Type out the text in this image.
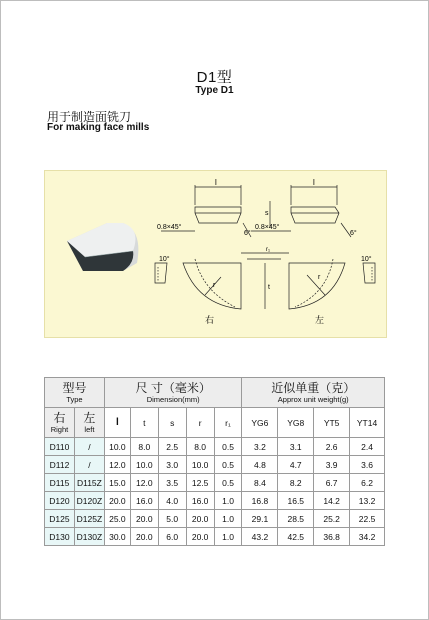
D1型
Type D1
用于制造面铣刀
For making face mills
l	l
s
0.8×45°	0.8×45°
6°	6°
r₁
t
r
r
10°	10°
右	左
型号
Type		尺 寸（毫米）
Dimension(mm)					近似单重（克）
Approx unit weight(g)			

右
Right	左
left	l	t	s	r	r₁	YG6	YG8	YT5	YT14
D110	/	10.0	8.0	2.5	8.0	0.5	3.2	3.1	2.6	2.4
D112	/	12.0	10.0	3.0	10.0	0.5	4.8	4.7	3.9	3.6
D115	D115Z	15.0	12.0	3.5	12.5	0.5	8.4	8.2	6.7	6.2
D120	D120Z	20.0	16.0	4.0	16.0	1.0	16.8	16.5	14.2	13.2
D125	D125Z	25.0	20.0	5.0	20.0	1.0	29.1	28.5	25.2	22.5
D130	D130Z	30.0	20.0	6.0	20.0	1.0	43.2	42.5	36.8	34.2
